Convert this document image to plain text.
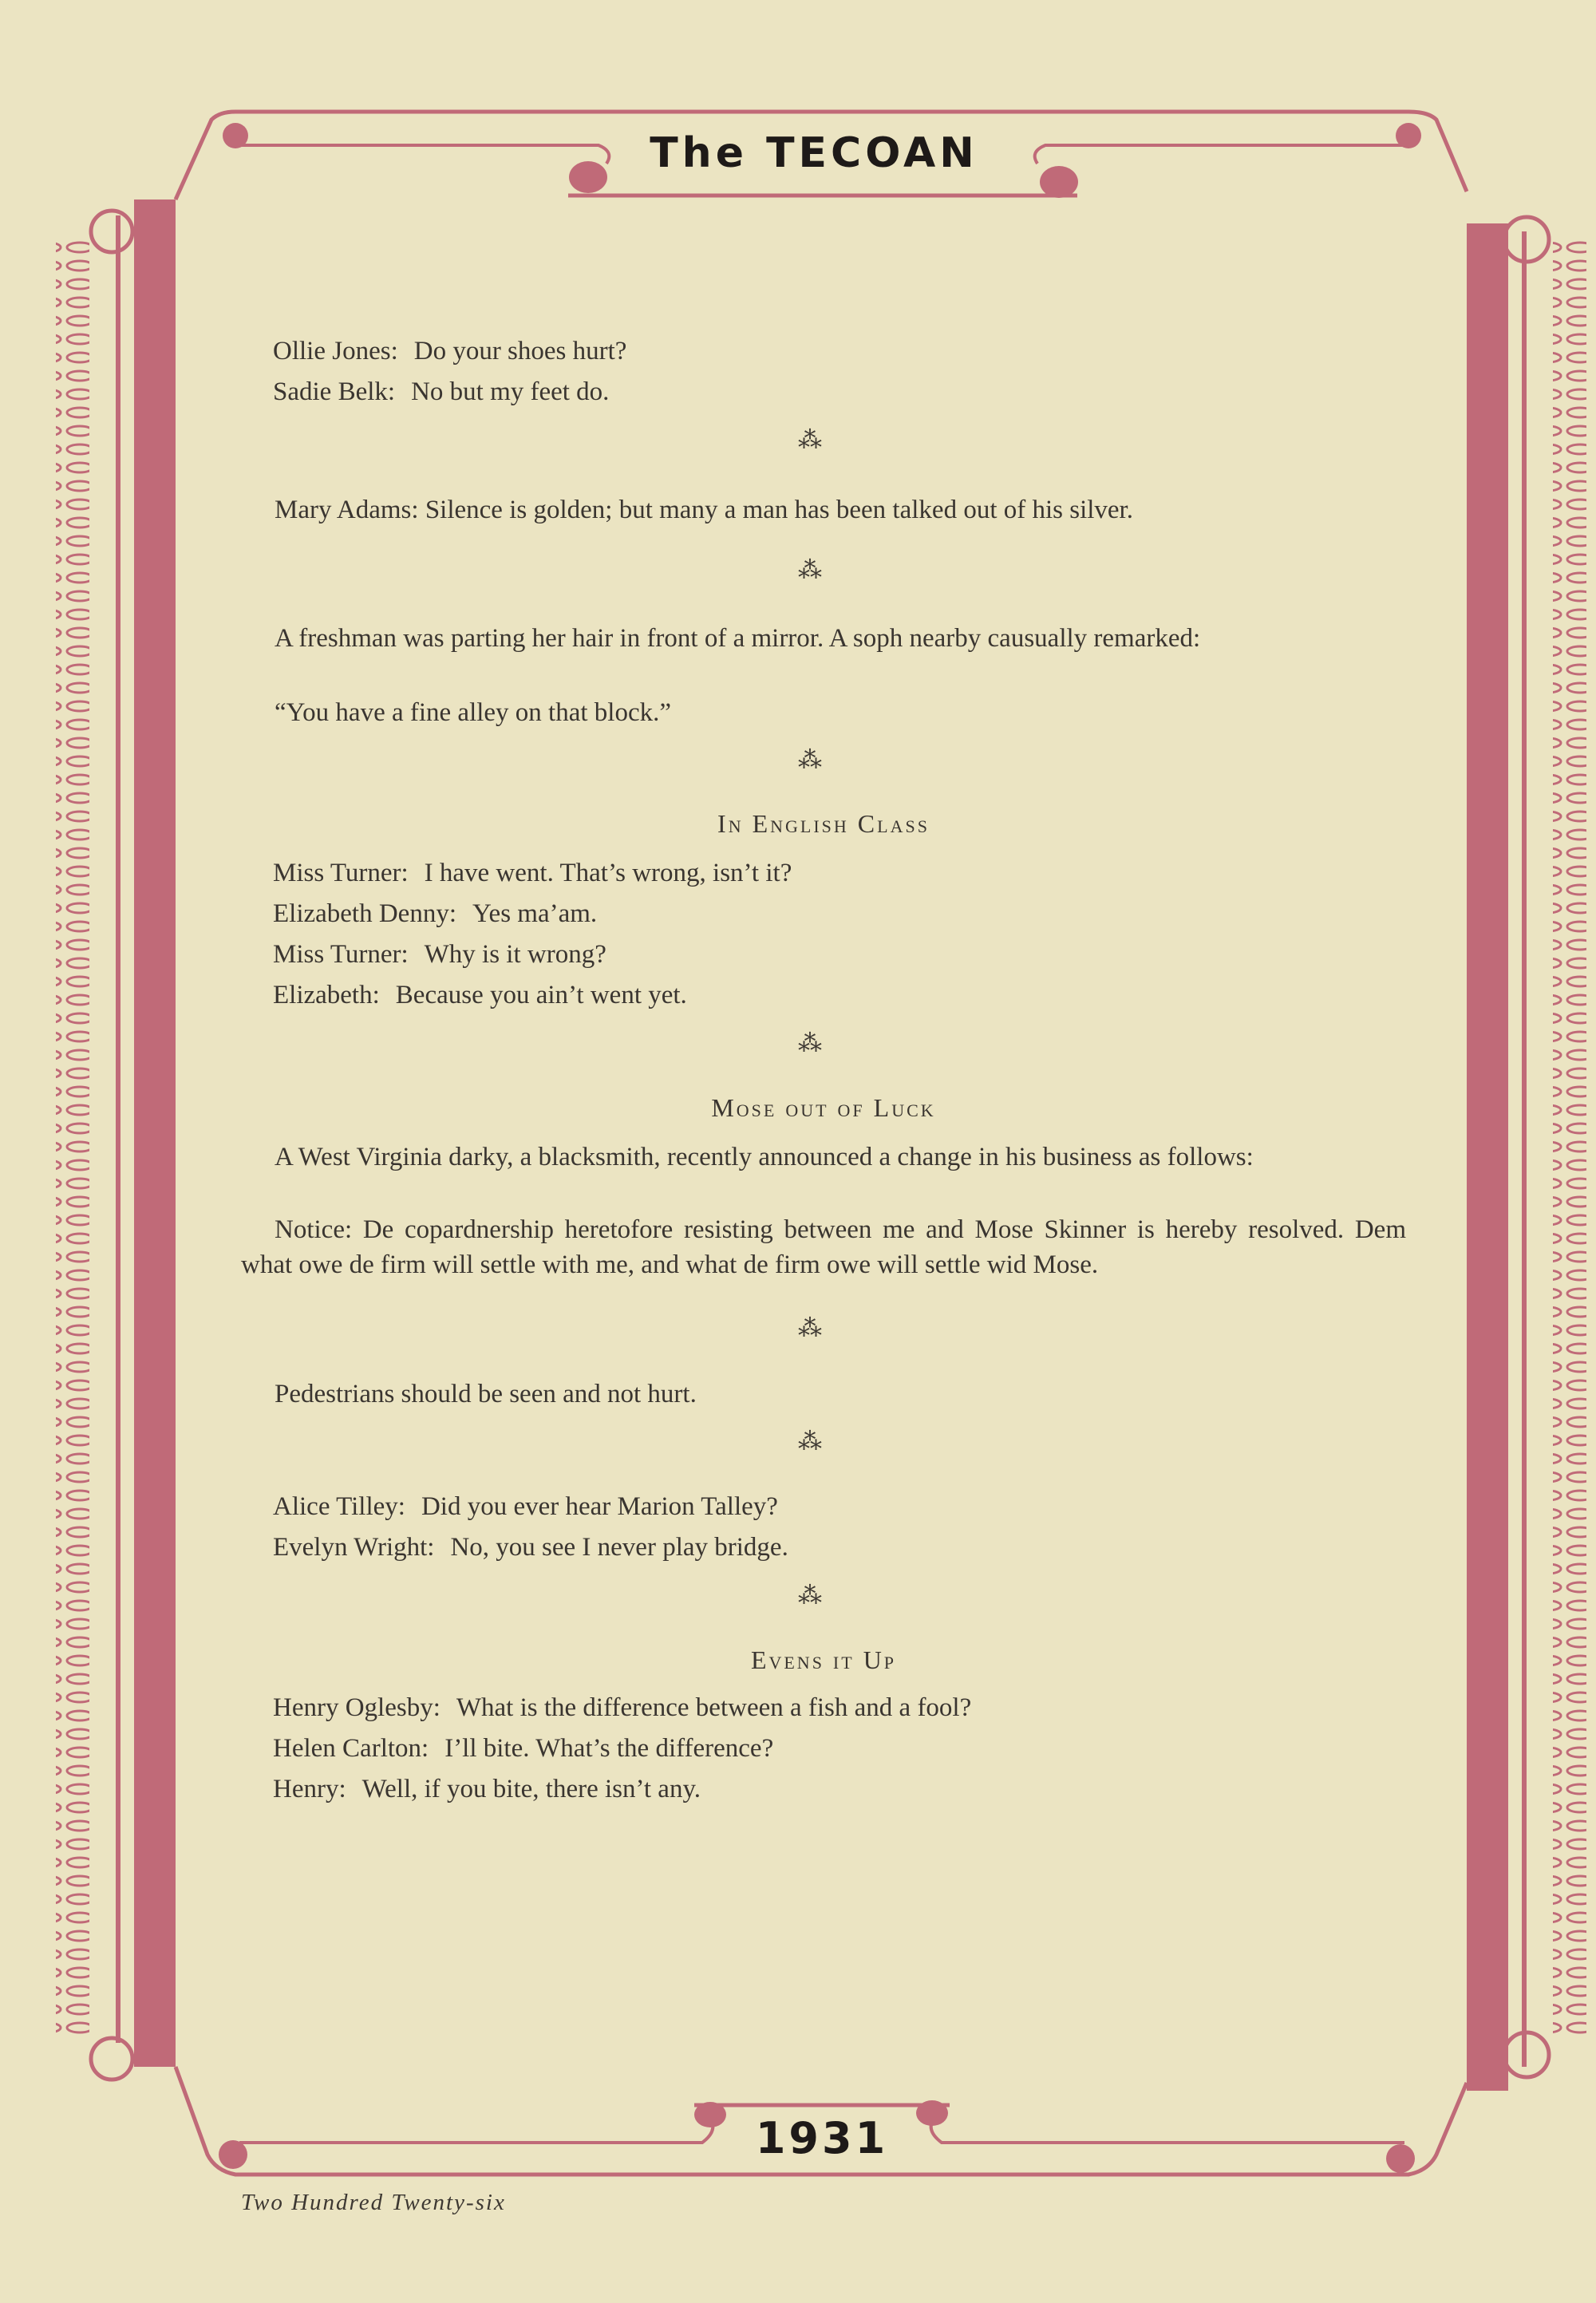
The TECOAN
Ollie Jones: Do your shoes hurt?
Sadie Belk: No but my feet do.
⁂
Mary Adams: Silence is golden; but many a man has been talked out of his silver.
⁂
A freshman was parting her hair in front of a mirror. A soph nearby causually remarked:
“You have a fine alley on that block.”
⁂
In English Class
Miss Turner: I have went. That’s wrong, isn’t it?
Elizabeth Denny: Yes ma’am.
Miss Turner: Why is it wrong?
Elizabeth: Because you ain’t went yet.
⁂
Mose out of Luck
A West Virginia darky, a blacksmith, recently announced a change in his business as follows:
Notice: De copardnership heretofore resisting between me and Mose Skinner is hereby resolved. Dem what owe de firm will settle with me, and what de firm owe will settle wid Mose.
⁂
Pedestrians should be seen and not hurt.
⁂
Alice Tilley: Did you ever hear Marion Talley?
Evelyn Wright: No, you see I never play bridge.
⁂
Evens it Up
Henry Oglesby: What is the difference between a fish and a fool?
Helen Carlton: I’ll bite. What’s the difference?
Henry: Well, if you bite, there isn’t any.
1931
Two Hundred Twenty-six
